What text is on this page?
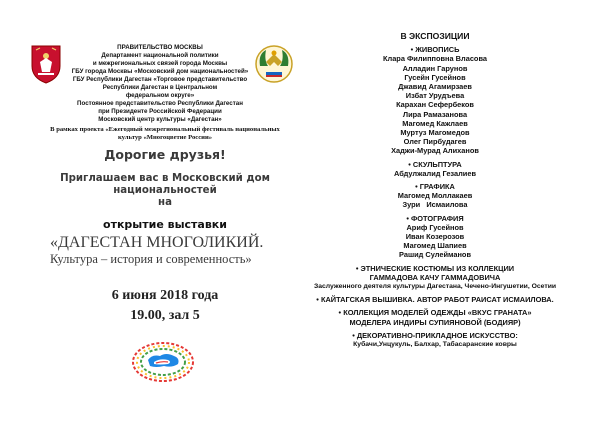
ПРАВИТЕЛЬСТВО МОСКВЫ
Департамент национальной политики
и межрегиональных связей города Москвы
ГБУ города Москвы «Московский дом национальностей»
ГБУ Республики Дагестан «Торговое представительство
Республики Дагестан в Центральном
федеральном округе»
Постоянное представительство Республики Дагестан
при Президенте Российской Федерации
Московский центр культуры «Дагестан»
В рамках проекта «Ежегодный межрегиональный фестиваль национальных
культур «Многоцветие России»
Дорогие друзья!
Приглашаем вас в Московский дом
национальностей
на
открытие выставки
«ДАГЕСТАН МНОГОЛИКИЙ.
Культура – история и современность»
6 июня 2018 года
19.00, зал 5
В ЭКСПОЗИЦИИ
• ЖИВОПИСЬ
Клара Филипповна Власова
Алладин Гарунов
Гусейн Гусейнов
Джавид Агамирзаев
Избат Урудъева
Карахан Сефербеков
Лира Рамазанова
Магомед Кажлаев
Муртуз Магомедов
Олег Пирбудагев
Хаджи-Мурад Алиханов
• СКУЛЬПТУРА
Абдулжалид Гезалиев
• ГРАФИКА
Магомед Моллакаев
Зури   Исмаилова
• ФОТОГРАФИЯ
Ариф Гусейнов
Иван Козерозов
Магомед Шапиев
Рашид Сулейманов
• ЭТНИЧЕСКИЕ КОСТЮМЫ ИЗ КОЛЛЕКЦИИ
ГАММАДОВА КАЧУ ГАММАДОВИЧА
Заслуженного деятеля культуры Дагестана, Чечено-Ингушетии, Осетии
• КАЙТАГСКАЯ ВЫШИВКА. АВТОР РАБОТ РАИСАТ ИСМАИЛОВА.
• КОЛЛЕКЦИЯ МОДЕЛЕЙ ОДЕЖДЫ «ВКУС ГРАНАТА»
МОДЕЛЕРА ИНДИРЫ СУПИЯНОВОЙ (БОДИЯР)
• ДЕКОРАТИВНО-ПРИКЛАДНОЕ ИСКУССТВО:
Кубачи,Унцукуль, Балхар, Табасаранские ковры
